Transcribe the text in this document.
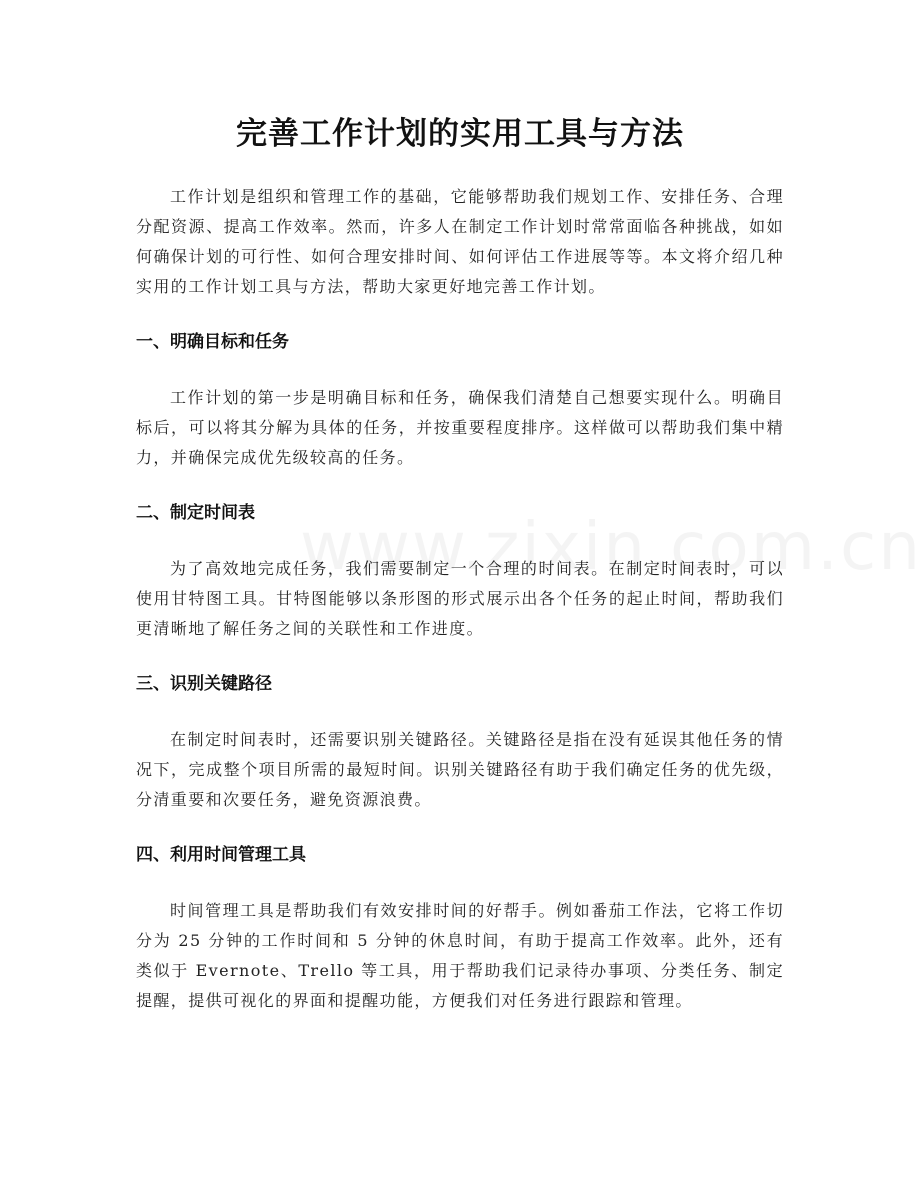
完善工作计划的实用工具与方法

工作计划是组织和管理工作的基础，它能够帮助我们规划工作、安排任务、合理分配资源、提高工作效率。然而，许多人在制定工作计划时常常面临各种挑战，如如何确保计划的可行性、如何合理安排时间、如何评估工作进展等等。本文将介绍几种实用的工作计划工具与方法，帮助大家更好地完善工作计划。

一、明确目标和任务

工作计划的第一步是明确目标和任务，确保我们清楚自己想要实现什么。明确目标后，可以将其分解为具体的任务，并按重要程度排序。这样做可以帮助我们集中精力，并确保完成优先级较高的任务。

二、制定时间表

为了高效地完成任务，我们需要制定一个合理的时间表。在制定时间表时，可以使用甘特图工具。甘特图能够以条形图的形式展示出各个任务的起止时间，帮助我们更清晰地了解任务之间的关联性和工作进度。

三、识别关键路径

在制定时间表时，还需要识别关键路径。关键路径是指在没有延误其他任务的情况下，完成整个项目所需的最短时间。识别关键路径有助于我们确定任务的优先级，分清重要和次要任务，避免资源浪费。

四、利用时间管理工具

时间管理工具是帮助我们有效安排时间的好帮手。例如番茄工作法，它将工作切分为 25 分钟的工作时间和 5 分钟的休息时间，有助于提高工作效率。此外，还有类似于 Evernote、Trello 等工具，用于帮助我们记录待办事项、分类任务、制定提醒，提供可视化的界面和提醒功能，方便我们对任务进行跟踪和管理。
